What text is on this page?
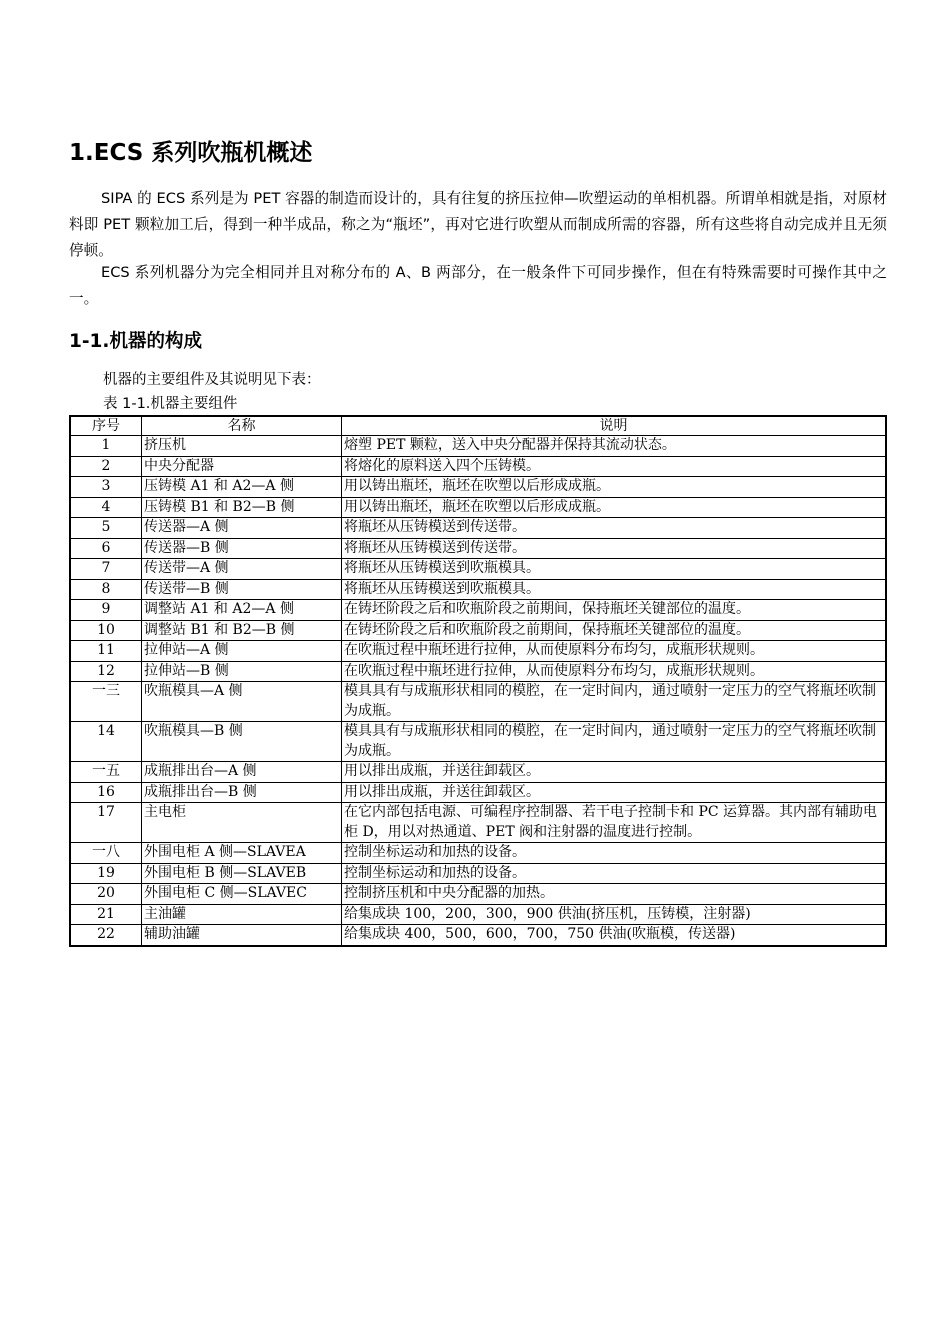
1.ECS 系列吹瓶机概述
SIPA 的 ECS 系列是为 PET 容器的制造而设计的，具有往复的挤压拉伸—吹塑运动的单相机器。所谓单相就是指，对原材料即 PET 颗粒加工后，得到一种半成品，称之为“瓶坯”，再对它进行吹塑从而制成所需的容器，所有这些将自动完成并且无须停顿。
ECS 系列机器分为完全相同并且对称分布的 A、B 两部分，在一般条件下可同步操作，但在有特殊需要时可操作其中之一。
1-1.机器的构成
机器的主要组件及其说明见下表：
表 1-1.机器主要组件
序号	名称	说明
1	挤压机	熔塑 PET 颗粒，送入中央分配器并保持其流动状态。
2	中央分配器	将熔化的原料送入四个压铸模。
3	压铸模 A1 和 A2—A 侧	用以铸出瓶坯，瓶坯在吹塑以后形成成瓶。
4	压铸模 B1 和 B2—B 侧	用以铸出瓶坯，瓶坯在吹塑以后形成成瓶。
5	传送器—A 侧	将瓶坯从压铸模送到传送带。
6	传送器—B 侧	将瓶坯从压铸模送到传送带。
7	传送带—A 侧	将瓶坯从压铸模送到吹瓶模具。
8	传送带—B 侧	将瓶坯从压铸模送到吹瓶模具。
9	调整站 A1 和 A2—A 侧	在铸坯阶段之后和吹瓶阶段之前期间，保持瓶坯关键部位的温度。
10	调整站 B1 和 B2—B 侧	在铸坯阶段之后和吹瓶阶段之前期间，保持瓶坯关键部位的温度。
11	拉伸站—A 侧	在吹瓶过程中瓶坯进行拉伸，从而使原料分布均匀，成瓶形状规则。
12	拉伸站—B 侧	在吹瓶过程中瓶坯进行拉伸，从而使原料分布均匀，成瓶形状规则。
一三	吹瓶模具—A 侧	模具具有与成瓶形状相同的模腔，在一定时间内，通过喷射一定压力的空气将瓶坯吹制为成瓶。
14	吹瓶模具—B 侧	模具具有与成瓶形状相同的模腔，在一定时间内，通过喷射一定压力的空气将瓶坯吹制为成瓶。
一五	成瓶排出台—A 侧	用以排出成瓶，并送往卸载区。
16	成瓶排出台—B 侧	用以排出成瓶，并送往卸载区。
17	主电柜	在它内部包括电源、可编程序控制器、若干电子控制卡和 PC 运算器。其内部有辅助电柜 D，用以对热通道、PET 阀和注射器的温度进行控制。
一八	外围电柜 A 侧—SLAVEA	控制坐标运动和加热的设备。
19	外围电柜 B 侧—SLAVEB	控制坐标运动和加热的设备。
20	外围电柜 C 侧—SLAVEC	控制挤压机和中央分配器的加热。
21	主油罐	给集成块 100，200，300，900 供油(挤压机，压铸模，注射器)
22	辅助油罐	给集成块 400，500，600，700，750 供油(吹瓶模，传送器)
